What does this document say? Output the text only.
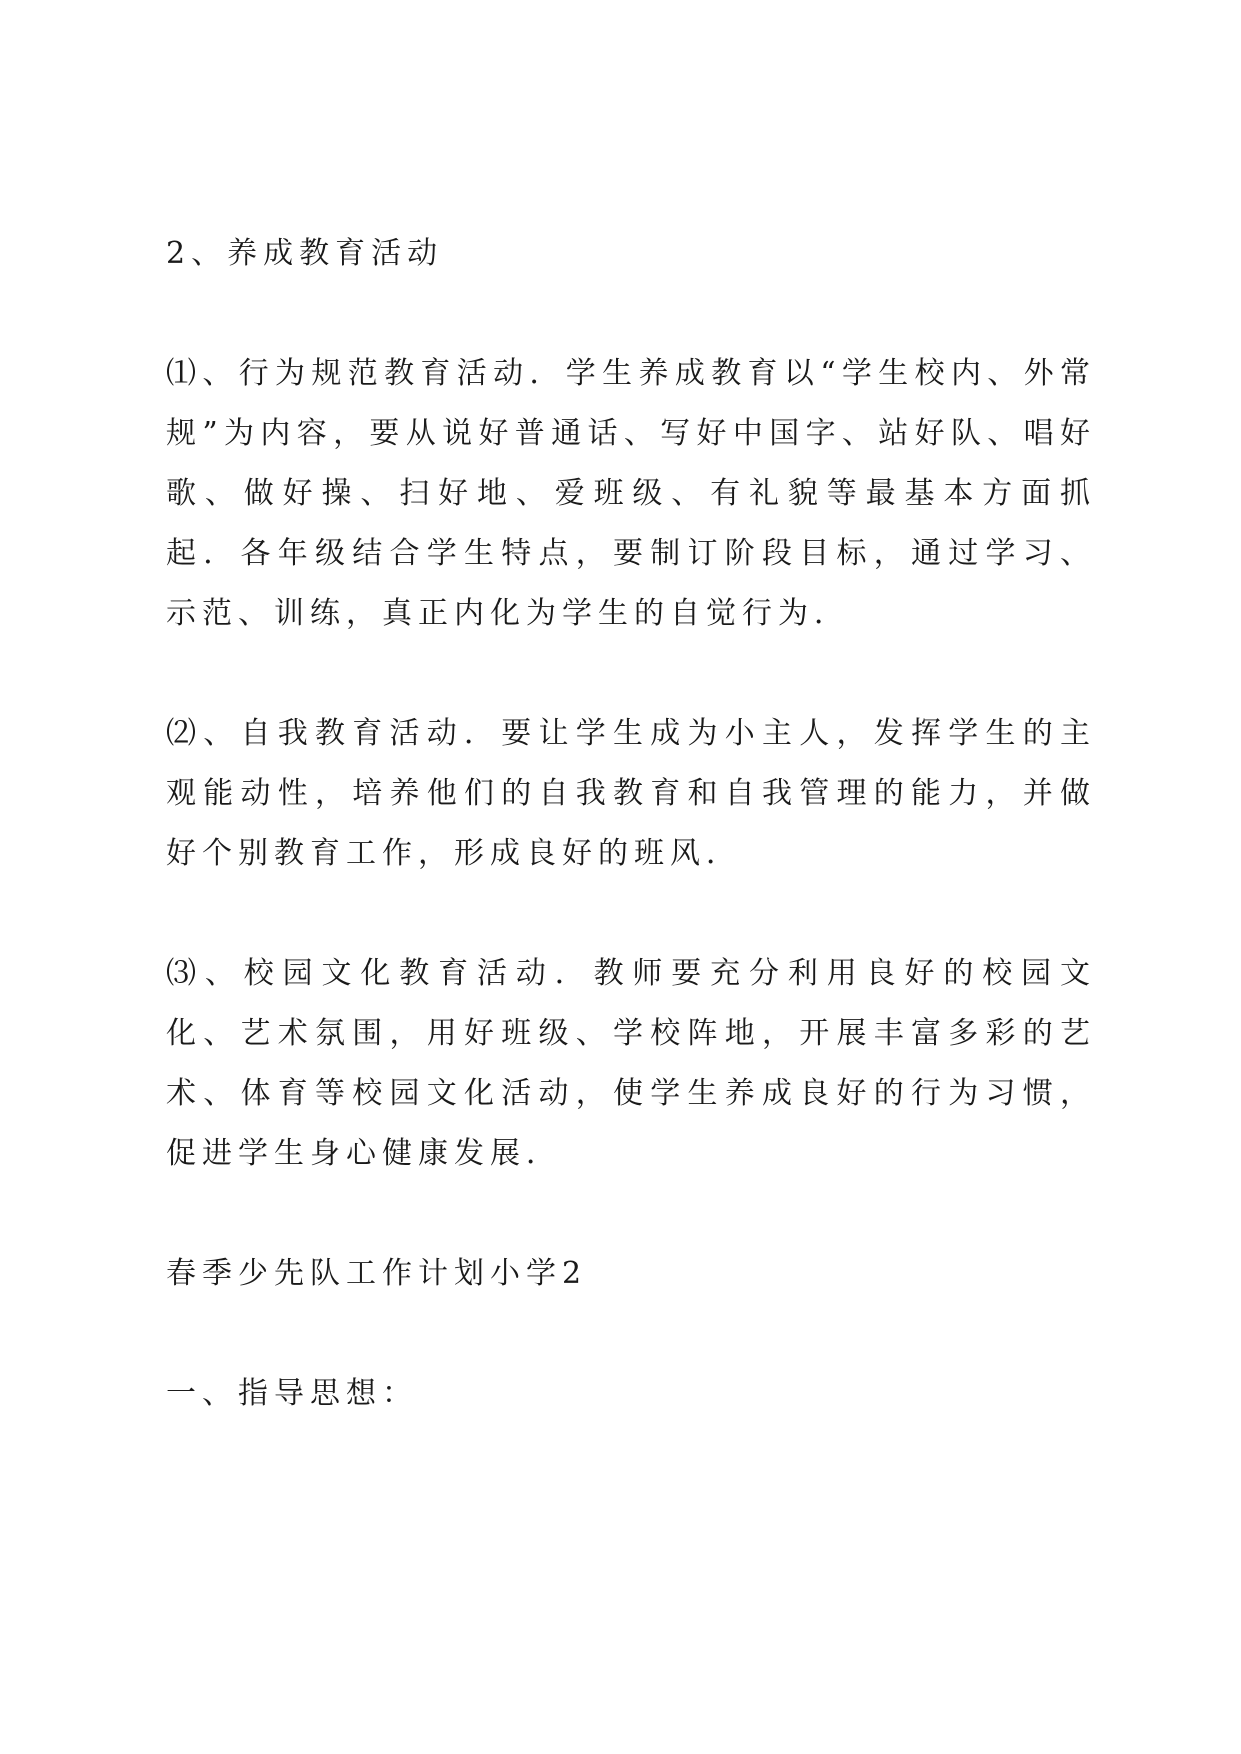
2、养成教育活动

⑴、行为规范教育活动．学生养成教育以“学生校内、外常规”为内容，要从说好普通话、写好中国字、站好队、唱好歌、做好操、扫好地、爱班级、有礼貌等最基本方面抓起．各年级结合学生特点，要制订阶段目标，通过学习、示范、训练，真正内化为学生的自觉行为．

⑵、自我教育活动．要让学生成为小主人，发挥学生的主观能动性，培养他们的自我教育和自我管理的能力，并做好个别教育工作，形成良好的班风．

⑶、校园文化教育活动．教师要充分利用良好的校园文化、艺术氛围，用好班级、学校阵地，开展丰富多彩的艺术、体育等校园文化活动，使学生养成良好的行为习惯，促进学生身心健康发展．

春季少先队工作计划小学2

一、指导思想：
